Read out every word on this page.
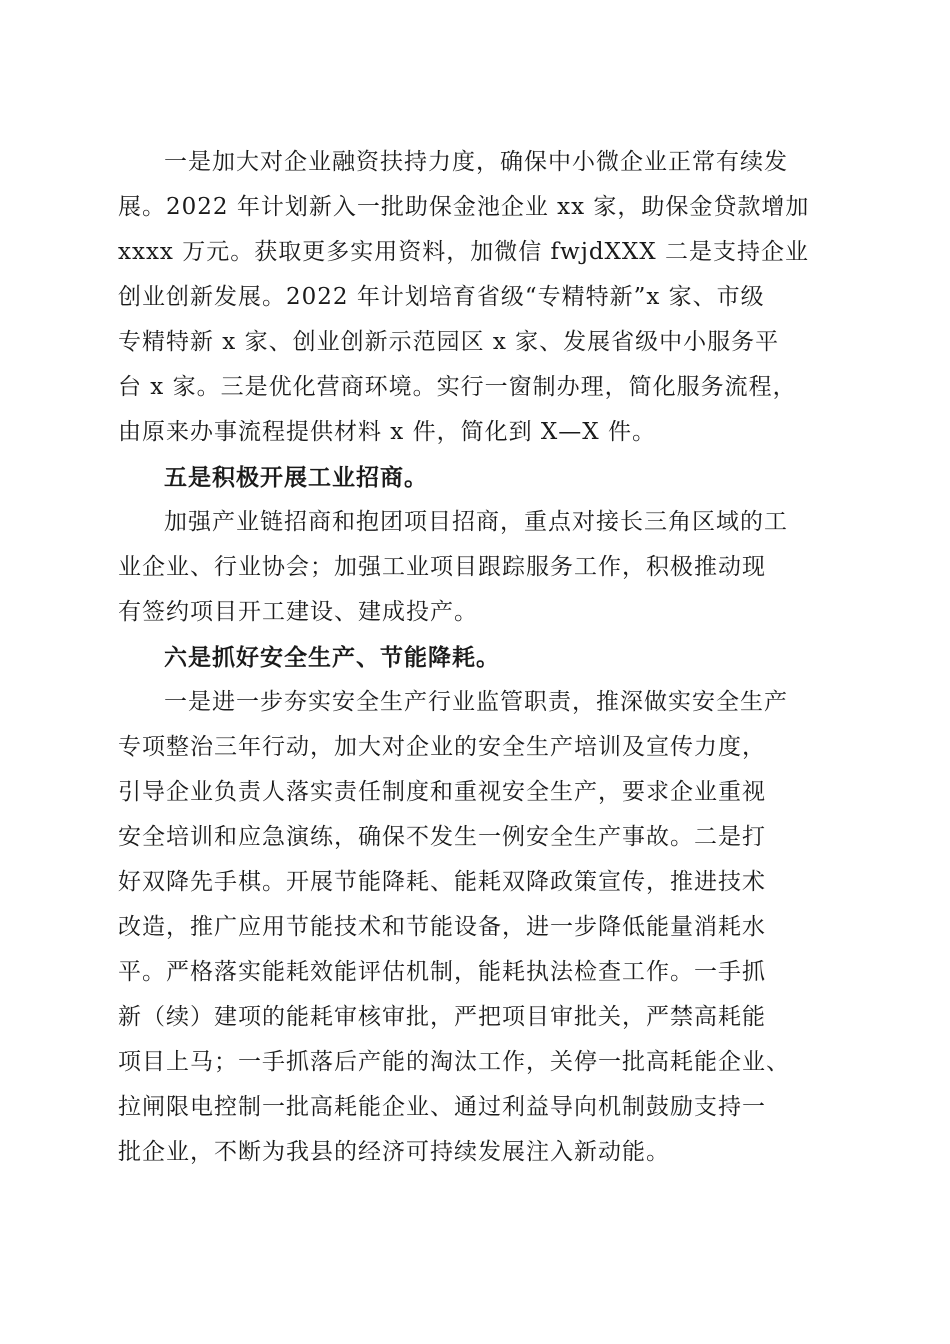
一是加大对企业融资扶持力度，确保中小微企业正常有续发
展。2022 年计划新入一批助保金池企业 xx 家，助保金贷款增加
xxxx 万元。获取更多实用资料，加微信 fwjdXXX 二是支持企业
创业创新发展。2022 年计划培育省级“专精特新”x 家、市级
专精特新 x 家、创业创新示范园区 x 家、发展省级中小服务平
台 x 家。三是优化营商环境。实行一窗制办理，简化服务流程，
由原来办事流程提供材料 x 件，简化到 X—X 件。
五是积极开展工业招商。
加强产业链招商和抱团项目招商，重点对接长三角区域的工
业企业、行业协会；加强工业项目跟踪服务工作，积极推动现
有签约项目开工建设、建成投产。
六是抓好安全生产、节能降耗。
一是进一步夯实安全生产行业监管职责，推深做实安全生产
专项整治三年行动，加大对企业的安全生产培训及宣传力度，
引导企业负责人落实责任制度和重视安全生产，要求企业重视
安全培训和应急演练，确保不发生一例安全生产事故。二是打
好双降先手棋。开展节能降耗、能耗双降政策宣传，推进技术
改造，推广应用节能技术和节能设备，进一步降低能量消耗水
平。严格落实能耗效能评估机制，能耗执法检查工作。一手抓
新（续）建项的能耗审核审批，严把项目审批关，严禁高耗能
项目上马；一手抓落后产能的淘汰工作，关停一批高耗能企业、
拉闸限电控制一批高耗能企业、通过利益导向机制鼓励支持一
批企业，不断为我县的经济可持续发展注入新动能。
